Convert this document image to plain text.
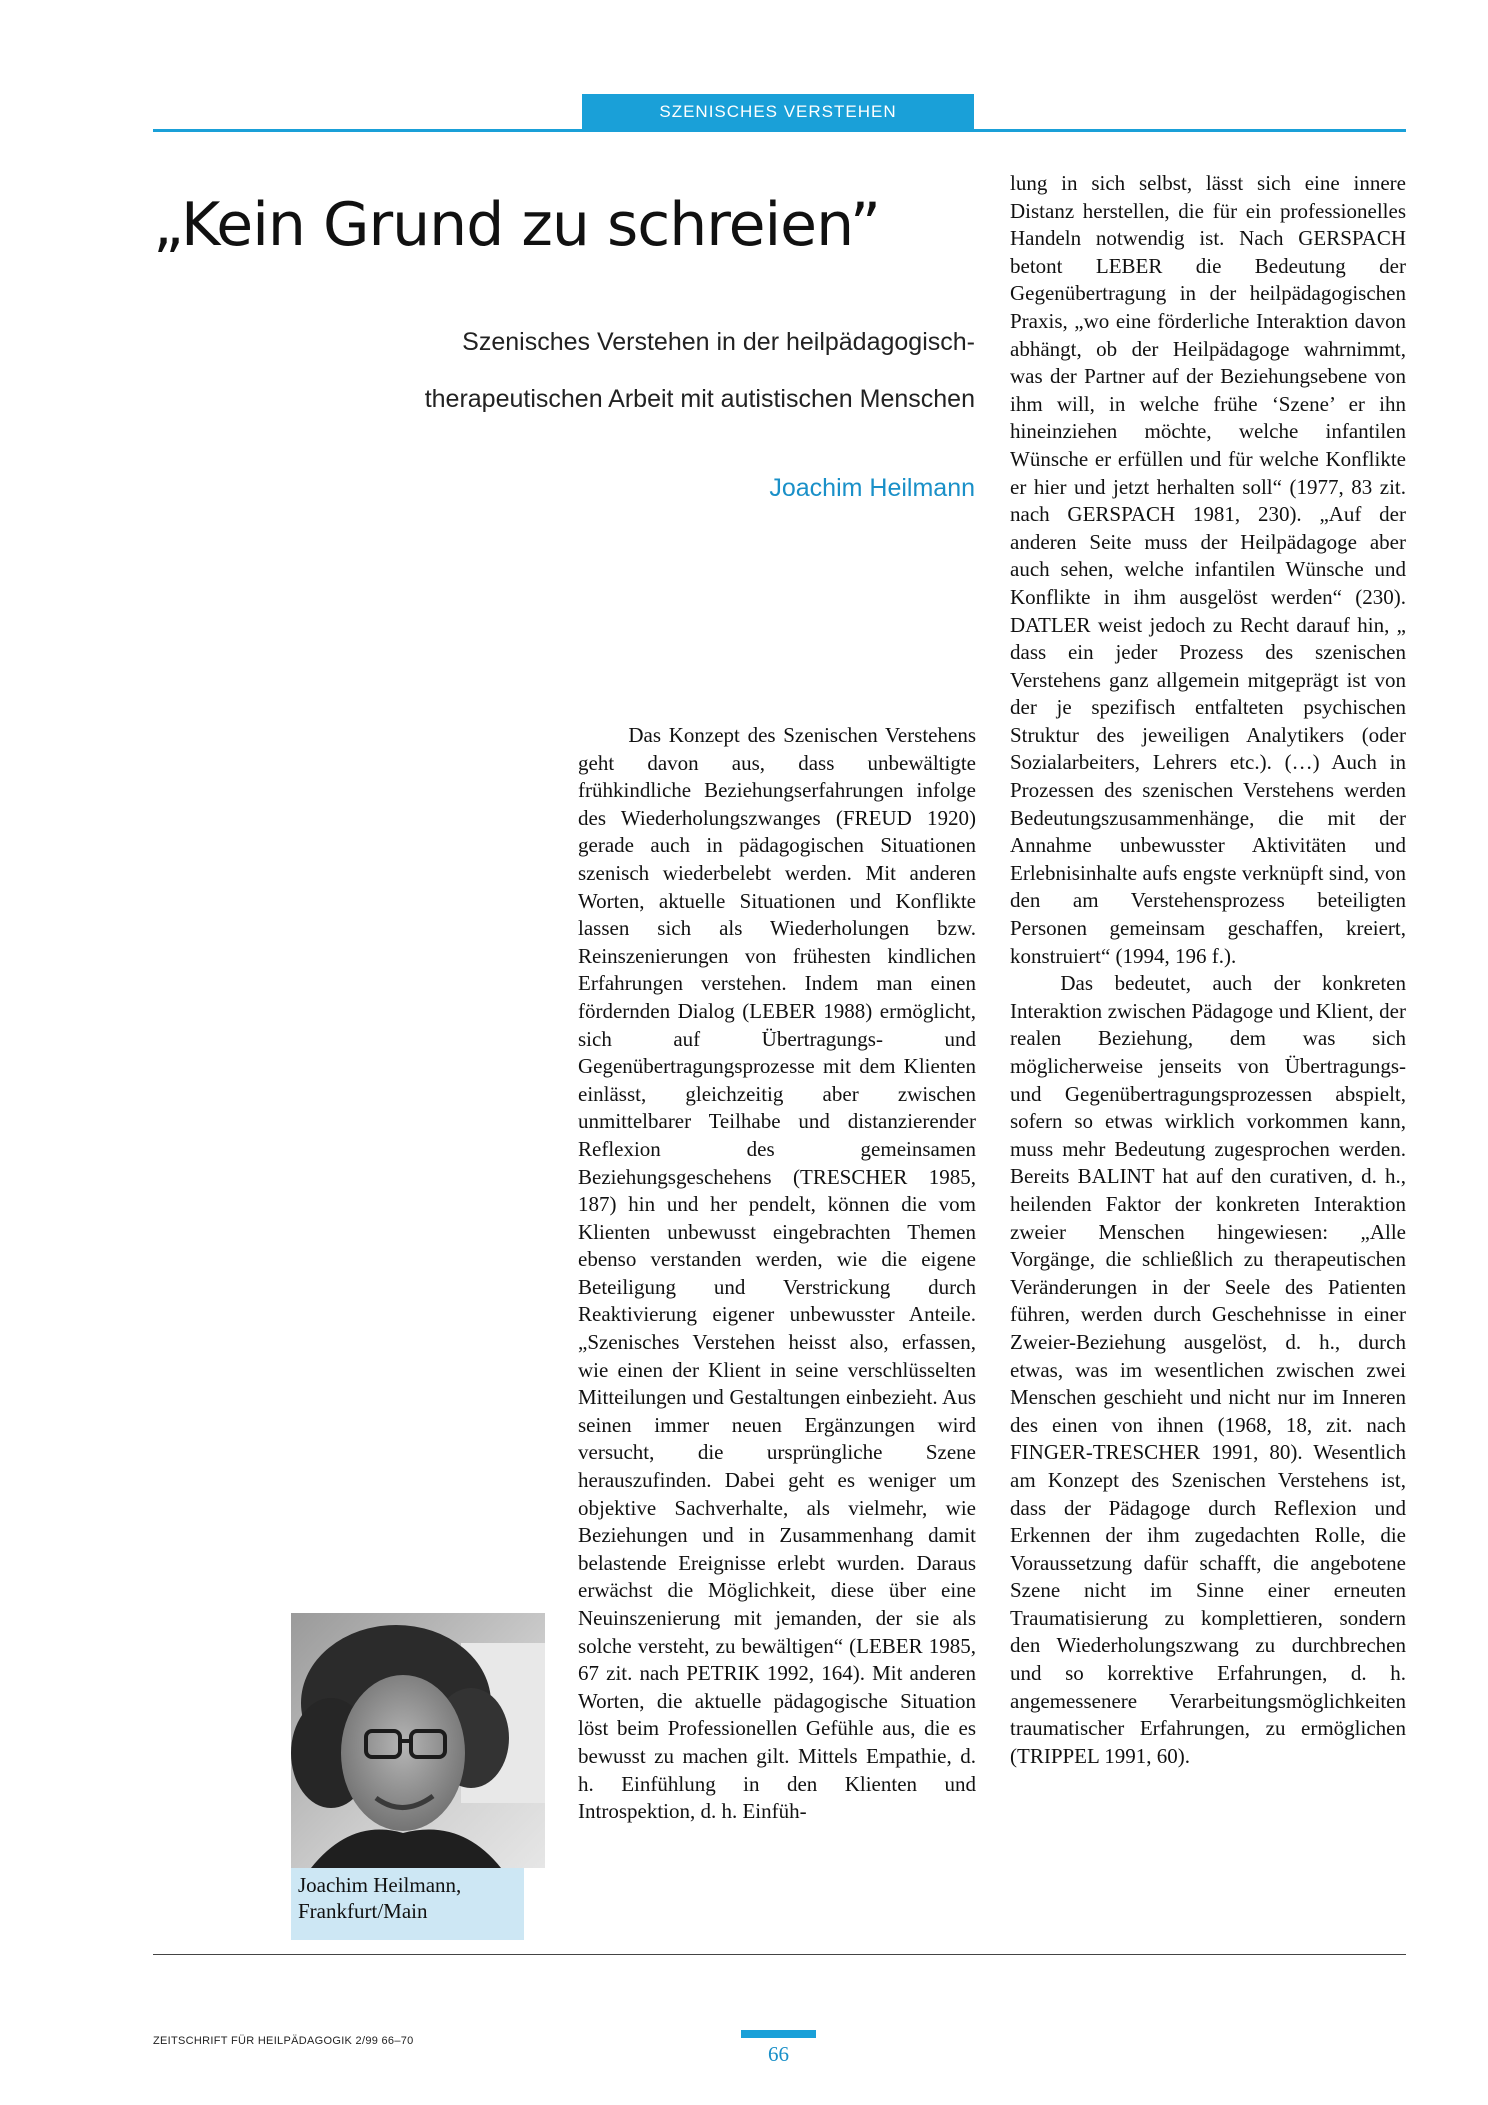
SZENISCHES VERSTEHEN
„Kein Grund zu schreien”
Szenisches Verstehen in der heilpädagogisch-
therapeutischen Arbeit mit autistischen Menschen
Joachim Heilmann

Das Konzept des Szenischen Verstehens geht davon aus, dass unbewältigte frühkindliche Beziehungserfahrungen infolge des Wiederholungszwanges (FREUD 1920) gerade auch in pädagogischen Situationen szenisch wiederbelebt werden. Mit anderen Worten, aktuelle Situationen und Konflikte lassen sich als Wiederholungen bzw. Reinszenierungen von frühesten kindlichen Erfahrungen verstehen. Indem man einen fördernden Dialog (LEBER 1988) ermöglicht, sich auf Übertragungs- und Gegenübertragungsprozesse mit dem Klienten einlässt, gleichzeitig aber zwischen unmittelbarer Teilhabe und distanzierender Reflexion des gemeinsamen Beziehungsgeschehens (TRESCHER 1985, 187) hin und her pendelt, können die vom Klienten unbewusst eingebrachten Themen ebenso verstanden werden, wie die eigene Beteiligung und Verstrickung durch Reaktivierung eigener unbewusster Anteile. „Szenisches Verstehen heisst also, erfassen, wie einen der Klient in seine verschlüsselten Mitteilungen und Gestaltungen einbezieht. Aus seinen immer neuen Ergänzungen wird versucht, die ursprüngliche Szene herauszufinden. Dabei geht es weniger um objektive Sachverhalte, als vielmehr, wie Beziehungen und in Zusammenhang damit belastende Ereignisse erlebt wurden. Daraus erwächst die Möglichkeit, diese über eine Neuinszenierung mit jemanden, der sie als solche versteht, zu bewältigen“ (LEBER 1985, 67 zit. nach PETRIK 1992, 164). Mit anderen Worten, die aktuelle pädagogische Situation löst beim Professionellen Gefühle aus, die es bewusst zu machen gilt. Mittels Empathie, d. h. Einfühlung in den Klienten und Introspektion, d. h. Einfüh-

lung in sich selbst, lässt sich eine innere Distanz herstellen, die für ein professionelles Handeln notwendig ist. Nach GERSPACH betont LEBER die Bedeutung der Gegenübertragung in der heilpädagogischen Praxis, „wo eine förderliche Interaktion davon abhängt, ob der Heilpädagoge wahrnimmt, was der Partner auf der Beziehungsebene von ihm will, in welche frühe ‘Szene’ er ihn hineinziehen möchte, welche infantilen Wünsche er erfüllen und für welche Konflikte er hier und jetzt herhalten soll“ (1977, 83 zit. nach GERSPACH 1981, 230). „Auf der anderen Seite muss der Heilpädagoge aber auch sehen, welche infantilen Wünsche und Konflikte in ihm ausgelöst werden“ (230). DATLER weist jedoch zu Recht darauf hin, „ dass ein jeder Prozess des szenischen Verstehens ganz allgemein mitgeprägt ist von der je spezifisch entfalteten psychischen Struktur des jeweiligen Analytikers (oder Sozialarbeiters, Lehrers etc.). (…) Auch in Prozessen des szenischen Verstehens werden Bedeutungszusammenhänge, die mit der Annahme unbewusster Aktivitäten und Erlebnisinhalte aufs engste verknüpft sind, von den am Verstehensprozess beteiligten Personen gemeinsam geschaffen, kreiert, konstruiert“ (1994, 196 f.).

Das bedeutet, auch der konkreten Interaktion zwischen Pädagoge und Klient, der realen Beziehung, dem was sich möglicherweise jenseits von Übertragungs- und Gegenübertragungsprozessen abspielt, sofern so etwas wirklich vorkommen kann, muss mehr Bedeutung zugesprochen werden. Bereits BALINT hat auf den curativen, d. h., heilenden Faktor der konkreten Interaktion zweier Menschen hingewiesen: „Alle Vorgänge, die schließlich zu therapeutischen Veränderungen in der Seele des Patienten führen, werden durch Geschehnisse in einer Zweier-Beziehung ausgelöst, d. h., durch etwas, was im wesentlichen zwischen zwei Menschen geschieht und nicht nur im Inneren des einen von ihnen (1968, 18, zit. nach FINGER-TRESCHER 1991, 80). Wesentlich am Konzept des Szenischen Verstehens ist, dass der Pädagoge durch Reflexion und Erkennen der ihm zugedachten Rolle, die Voraussetzung dafür schafft, die angebotene Szene nicht im Sinne einer erneuten Traumatisierung zu komplettieren, sondern den Wiederholungszwang zu durchbrechen und so korrektive Erfahrungen, d. h. angemessenere Verarbeitungsmöglichkeiten traumatischer Erfahrungen, zu ermöglichen (TRIPPEL 1991, 60).

Joachim Heilmann,
Frankfurt/Main
ZEITSCHRIFT FÜR HEILPÄDAGOGIK 2/99 66–70
66
